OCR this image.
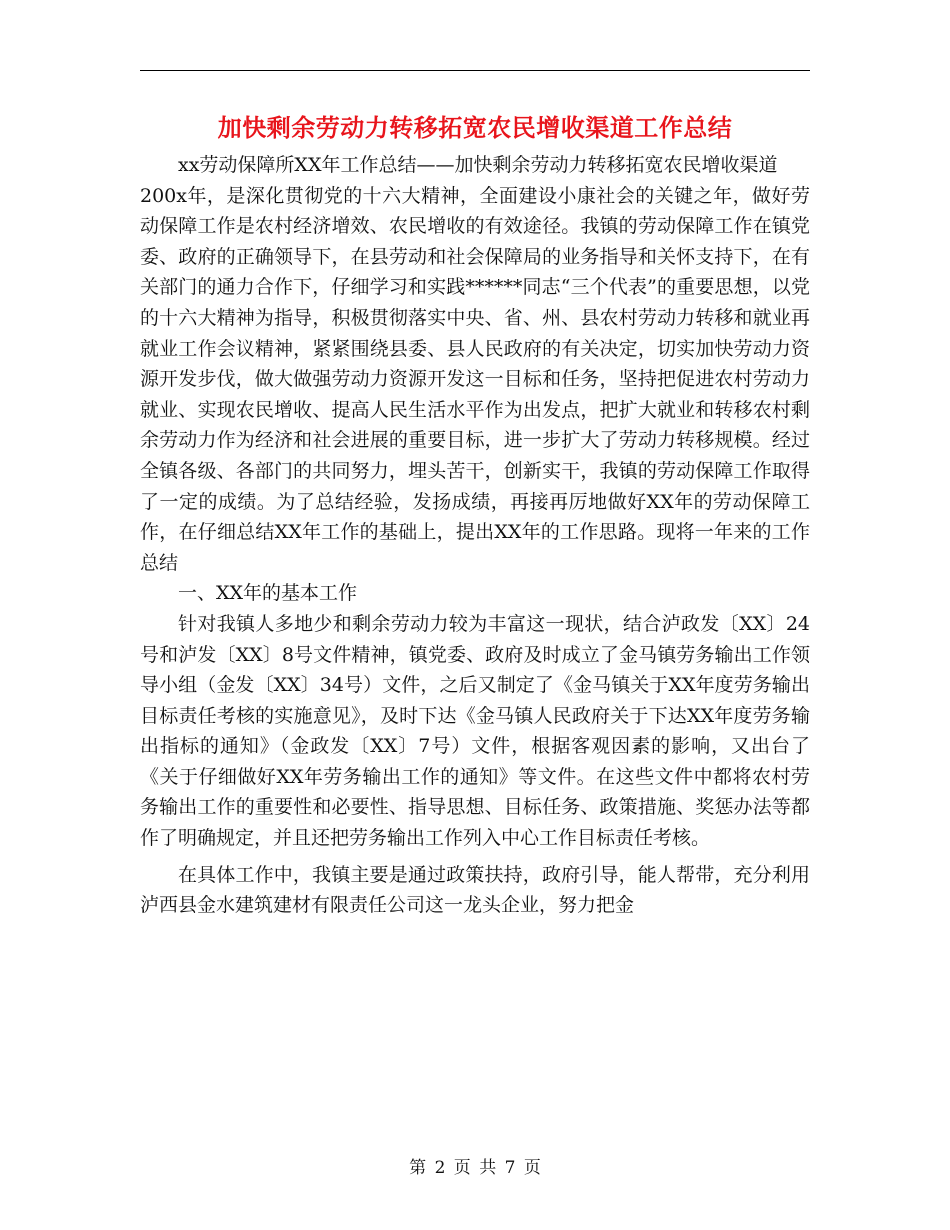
加快剩余劳动力转移拓宽农民增收渠道工作总结

xx劳动保障所XX年工作总结——加快剩余劳动力转移拓宽农民增收渠道

200x年，是深化贯彻党的十六大精神，全面建设小康社会的关键之年，做好劳动保障工作是农村经济增效、农民增收的有效途径。我镇的劳动保障工作在镇党委、政府的正确领导下，在县劳动和社会保障局的业务指导和关怀支持下，在有关部门的通力合作下，仔细学习和实践******同志“三个代表”的重要思想，以党的十六大精神为指导，积极贯彻落实中央、省、州、县农村劳动力转移和就业再就业工作会议精神，紧紧围绕县委、县人民政府的有关决定，切实加快劳动力资源开发步伐，做大做强劳动力资源开发这一目标和任务，坚持把促进农村劳动力就业、实现农民增收、提高人民生活水平作为出发点，把扩大就业和转移农村剩余劳动力作为经济和社会进展的重要目标，进一步扩大了劳动力转移规模。经过全镇各级、各部门的共同努力，埋头苦干，创新实干，我镇的劳动保障工作取得了一定的成绩。为了总结经验，发扬成绩，再接再厉地做好XX年的劳动保障工作，在仔细总结XX年工作的基础上，提出XX年的工作思路。现将一年来的工作总结

一、XX年的基本工作

针对我镇人多地少和剩余劳动力较为丰富这一现状，结合泸政发〔XX〕24号和泸发〔XX〕8号文件精神，镇党委、政府及时成立了金马镇劳务输出工作领导小组（金发〔XX〕34号）文件，之后又制定了《金马镇关于XX年度劳务输出目标责任考核的实施意见》，及时下达《金马镇人民政府关于下达XX年度劳务输出指标的通知》（金政发〔XX〕7号）文件，根据客观因素的影响，又出台了《关于仔细做好XX年劳务输出工作的通知》等文件。在这些文件中都将农村劳务输出工作的重要性和必要性、指导思想、目标任务、政策措施、奖惩办法等都作了明确规定，并且还把劳务输出工作列入中心工作目标责任考核。

在具体工作中，我镇主要是通过政策扶持，政府引导，能人帮带，充分利用泸西县金水建筑建材有限责任公司这一龙头企业，努力把金

第 2 页 共 7 页
